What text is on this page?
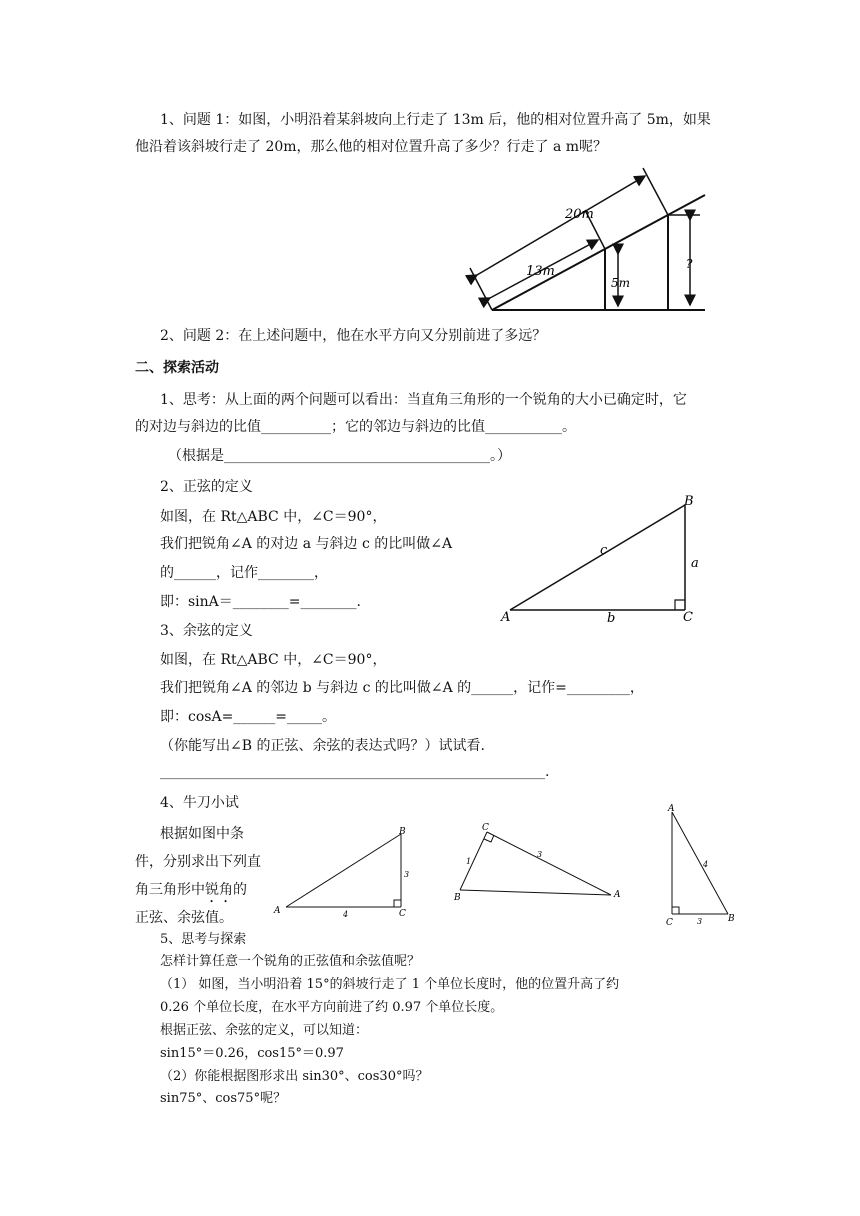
1、问题 1：如图，小明沿着某斜坡向上行走了 13m 后，他的相对位置升高了 5m，如果
他沿着该斜坡行走了 20m，那么他的相对位置升高了多少？行走了 a m呢？
20m
13m
5m
?
2、问题 2：在上述问题中，他在水平方向又分别前进了多远？
二、探索活动
1、思考：从上面的两个问题可以看出：当直角三角形的一个锐角的大小已确定时，它
的对边与斜边的比值__________；它的邻边与斜边的比值___________。
（根据是______________________________________。）
2、正弦的定义
如图，在 Rt△ABC 中，∠C＝90°，
我们把锐角∠A 的对边 a 与斜边 c 的比叫做∠A
的______，记作________，
即：sinA＝________=________.
A
B
C
a
b
c
3、余弦的定义
如图，在 Rt△ABC 中，∠C＝90°，
我们把锐角∠A 的邻边 b 与斜边 c 的比叫做∠A 的______，记作=_________，
即：cosA=______=_____。
（你能写出∠B 的正弦、余弦的表达式吗？）试试看.
_______________________________________________________.
4、牛刀小试
根据如图中条
件，分别求出下列直
角三角形中锐角的
正弦、余弦值。	A
B
C
3
4
C
B	A
1
3
A
C	B
4
3
5、思考与探索
怎样计算任意一个锐角的正弦值和余弦值呢？
（1） 如图，当小明沿着 15°的斜坡行走了 1 个单位长度时，他的位置升高了约
0.26 个单位长度，在水平方向前进了约 0.97 个单位长度。
根据正弦、余弦的定义，可以知道：
sin15°＝0.26，cos15°＝0.97
（2）你能根据图形求出 sin30°、cos30°吗？
sin75°、cos75°呢？
